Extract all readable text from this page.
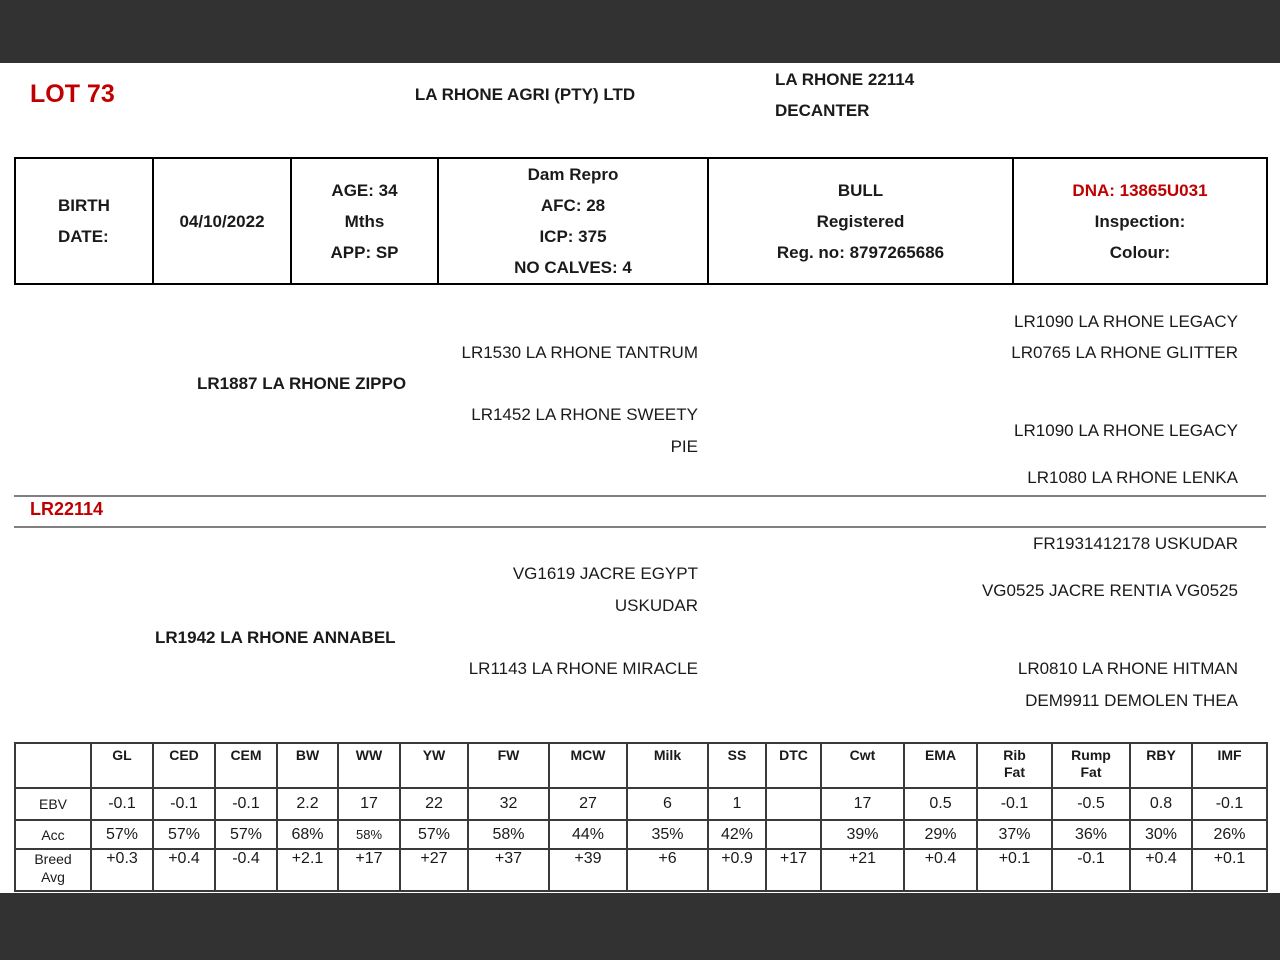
LOT 73	LA RHONE AGRI (PTY) LTD
LA RHONE 22114
DECANTER
BIRTH
DATE:
	04/10/2022	
AGE: 34
Mths
APP: SP

Dam Repro
AFC: 28
ICP: 375
NO CALVES: 4

BULL
Registered
Reg. no: 8797265686

DNA: 13865U031
Inspection:
Colour:
LR1090 LA RHONE LEGACY
LR1530 LA RHONE TANTRUM	LR0765 LA RHONE GLITTER
LR1887 LA RHONE ZIPPO
LR1452 LA RHONE SWEETY
LR1090 LA RHONE LEGACY
PIE
LR1080 LA RHONE LENKA
LR22114
FR1931412178 USKUDAR
VG1619 JACRE EGYPT
VG0525 JACRE RENTIA VG0525
USKUDAR
LR1942 LA RHONE ANNABEL
LR1143 LA RHONE MIRACLE	LR0810 LA RHONE HITMAN
DEM9911 DEMOLEN THEA
	GL	CED	CEM	BW	WW	YW	FW	MCW	Milk	SS	DTC	Cwt	EMA	Rib Fat	Rump Fat	RBY	IMF
EBV	-0.1	-0.1	-0.1	2.2	17	22	32	27	6	1		17	0.5	-0.1	-0.5	0.8	-0.1
Acc	57%	57%	57%	68%	58%	57%	58%	44%	35%	42%		39%	29%	37%	36%	30%	26%
Breed Avg	+0.3	+0.4	-0.4	+2.1	+17	+27	+37	+39	+6	+0.9	+17	+21	+0.4	+0.1	-0.1	+0.4	+0.1
